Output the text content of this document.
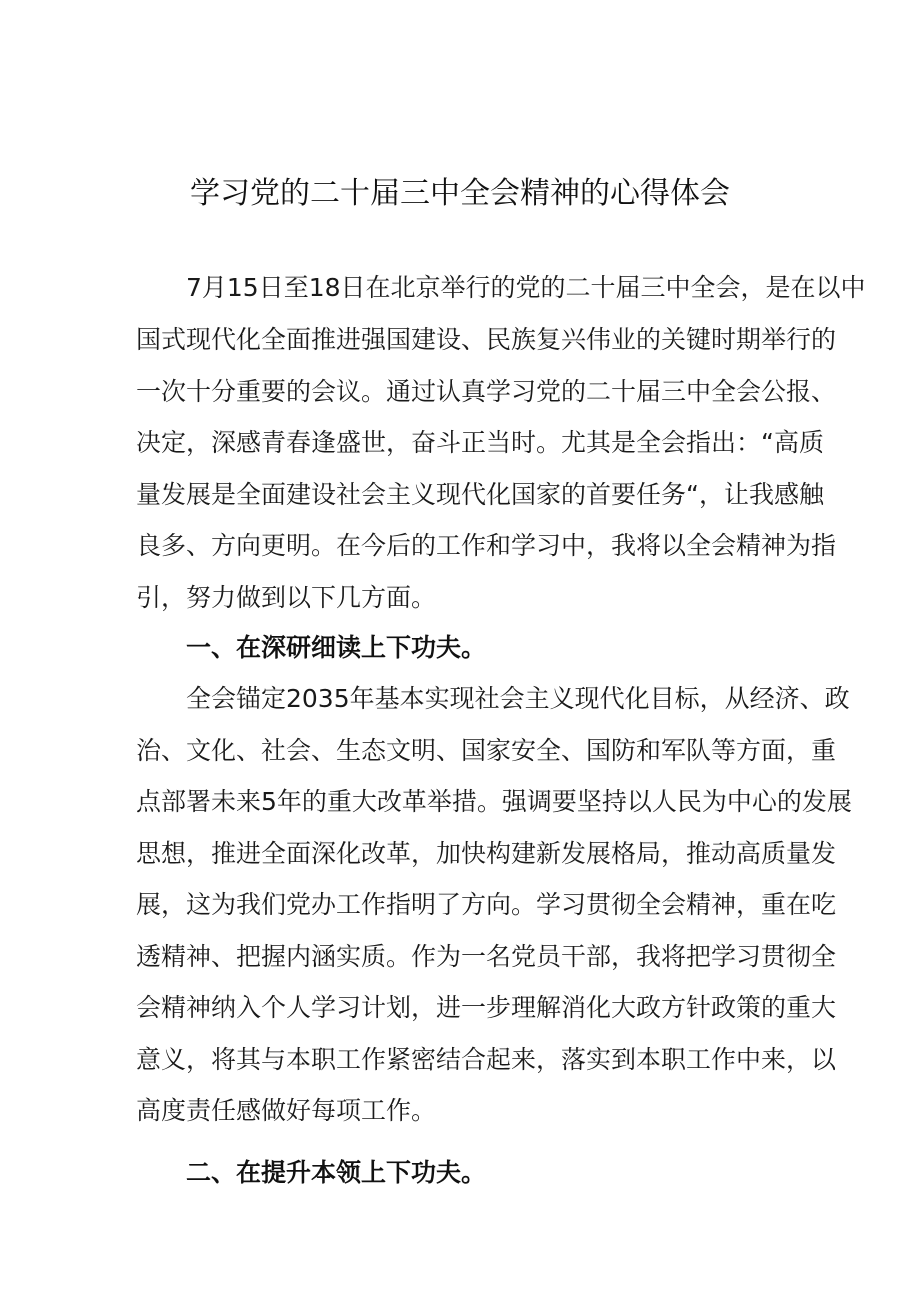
学习党的二十届三中全会精神的心得体会
7月15日至18日在北京举行的党的二十届三中全会，是在以中
国式现代化全面推进强国建设、民族复兴伟业的关键时期举行的
一次十分重要的会议。通过认真学习党的二十届三中全会公报、
决定，深感青春逢盛世，奋斗正当时。尤其是全会指出：“高质
量发展是全面建设社会主义现代化国家的首要任务“，让我感触
良多、方向更明。在今后的工作和学习中，我将以全会精神为指
引，努力做到以下几方面。
一、在深研细读上下功夫。
全会锚定2035年基本实现社会主义现代化目标，从经济、政
治、文化、社会、生态文明、国家安全、国防和军队等方面，重
点部署未来5年的重大改革举措。强调要坚持以人民为中心的发展
思想，推进全面深化改革，加快构建新发展格局，推动高质量发
展，这为我们党办工作指明了方向。学习贯彻全会精神，重在吃
透精神、把握内涵实质。作为一名党员干部，我将把学习贯彻全
会精神纳入个人学习计划，进一步理解消化大政方针政策的重大
意义，将其与本职工作紧密结合起来，落实到本职工作中来，以
高度责任感做好每项工作。
二、在提升本领上下功夫。
